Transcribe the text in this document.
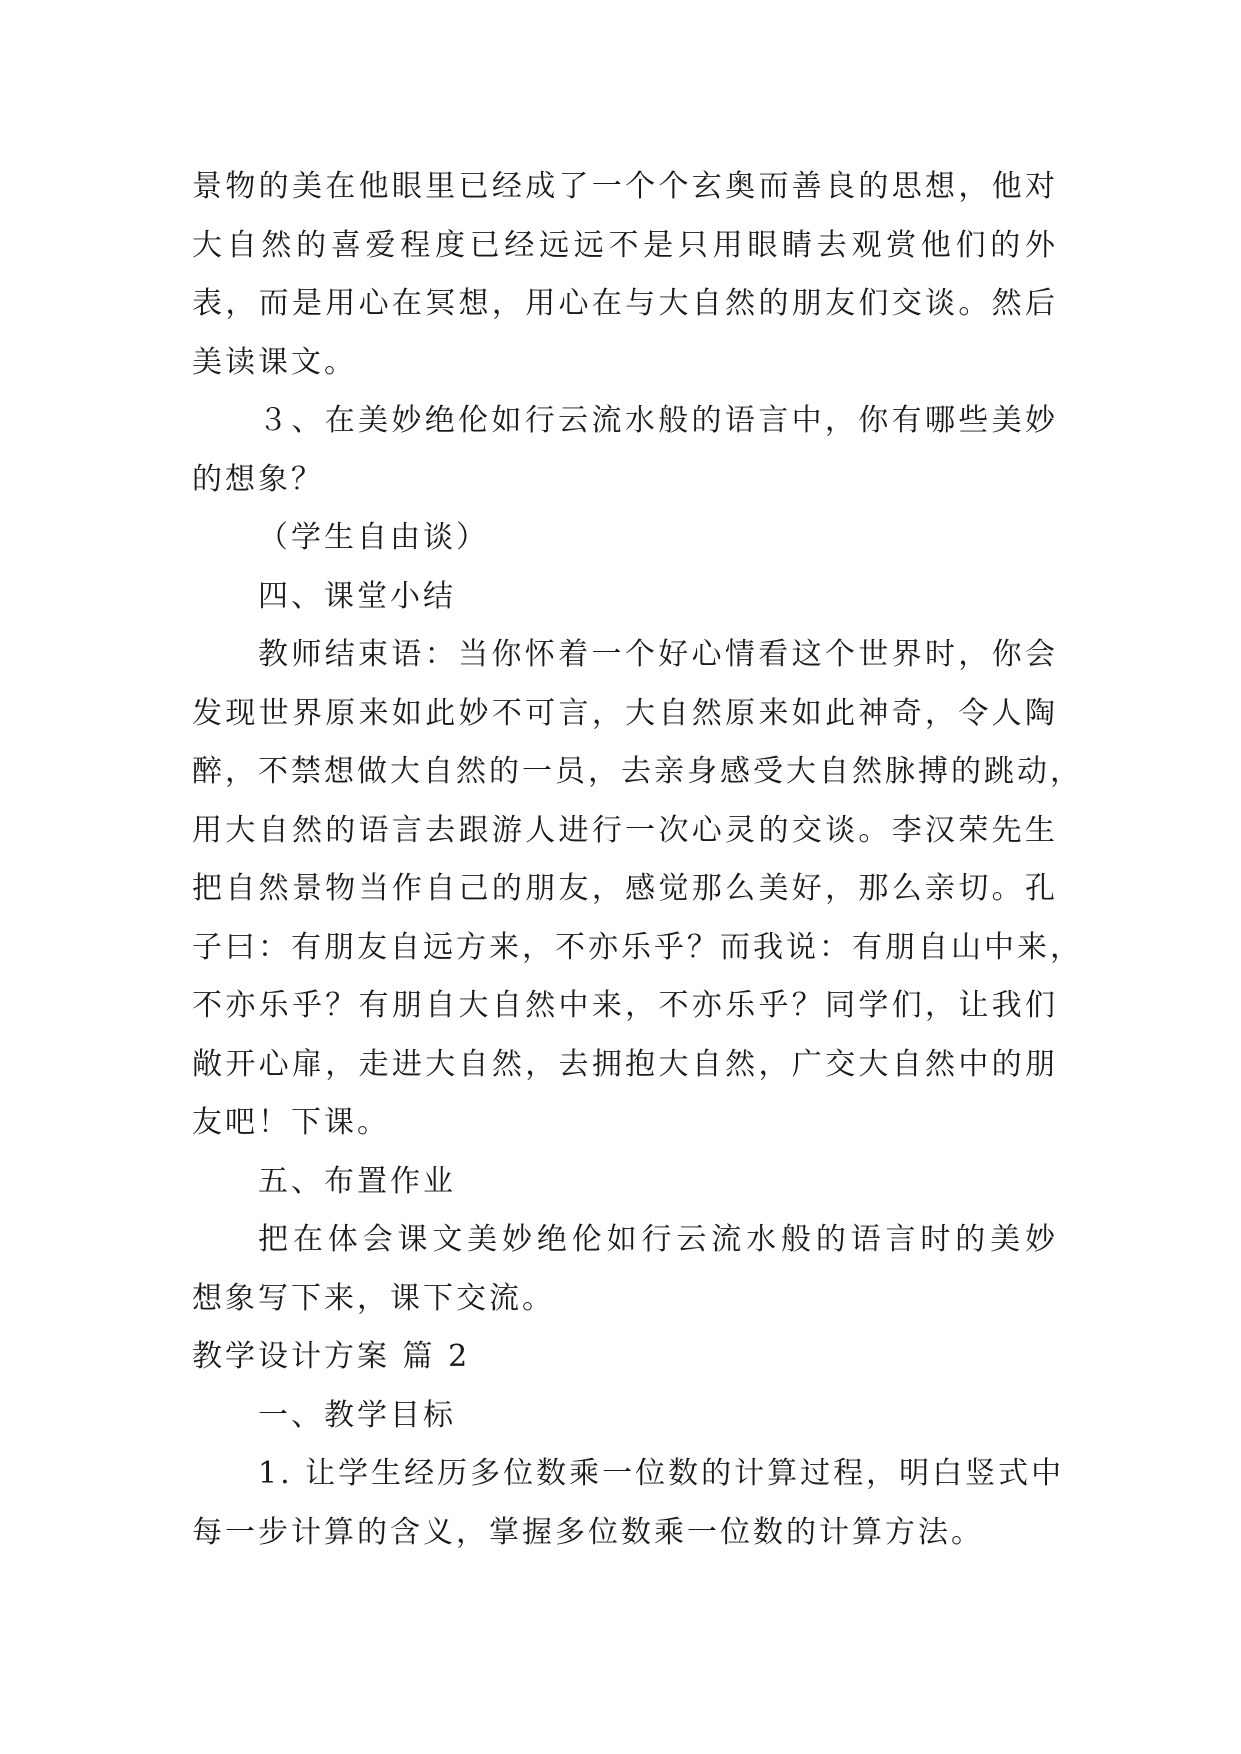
景物的美在他眼里已经成了一个个玄奥而善良的思想，他对
大自然的喜爱程度已经远远不是只用眼睛去观赏他们的外
表，而是用心在冥想，用心在与大自然的朋友们交谈。然后
美读课文。
３、在美妙绝伦如行云流水般的语言中，你有哪些美妙
的想象？
（学生自由谈）
四、课堂小结
教师结束语：当你怀着一个好心情看这个世界时，你会
发现世界原来如此妙不可言，大自然原来如此神奇，令人陶
醉，不禁想做大自然的一员，去亲身感受大自然脉搏的跳动，
用大自然的语言去跟游人进行一次心灵的交谈。李汉荣先生
把自然景物当作自己的朋友，感觉那么美好，那么亲切。孔
子曰：有朋友自远方来，不亦乐乎？而我说：有朋自山中来，
不亦乐乎？有朋自大自然中来，不亦乐乎？同学们，让我们
敞开心扉，走进大自然，去拥抱大自然，广交大自然中的朋
友吧！下课。
五、布置作业
把在体会课文美妙绝伦如行云流水般的语言时的美妙
想象写下来，课下交流。
教学设计方案 篇 2
一、教学目标
1. 让学生经历多位数乘一位数的计算过程，明白竖式中
每一步计算的含义，掌握多位数乘一位数的计算方法。
